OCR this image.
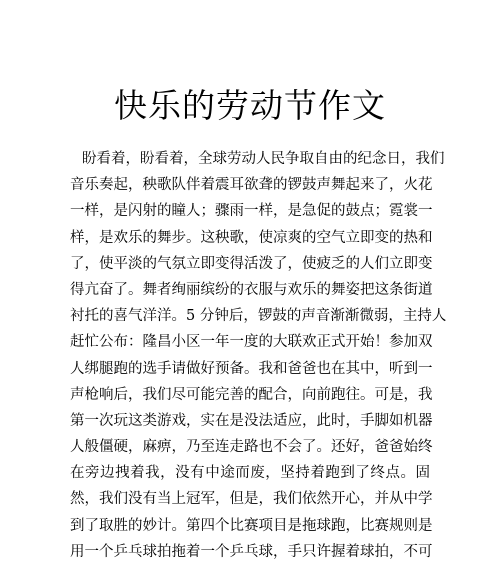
快乐的劳动节作文
盼看着，盼看着，全球劳动人民争取自由的纪念日，我们
音乐奏起，秧歌队伴着震耳欲聋的锣鼓声舞起来了，火花
一样，是闪射的瞳人；骤雨一样，是急促的鼓点；霓裳一
样，是欢乐的舞步。这秧歌，使凉爽的空气立即变的热和
了，使平淡的气氛立即变得活泼了，使疲乏的人们立即变
得亢奋了。舞者绚丽缤纷的衣服与欢乐的舞姿把这条街道
衬托的喜气洋洋。5 分钟后，锣鼓的声音渐渐微弱，主持人
赶忙公布：隆昌小区一年一度的大联欢正式开始！参加双
人绑腿跑的选手请做好预备。我和爸爸也在其中，听到一
声枪响后，我们尽可能完善的配合，向前跑往。可是，我
第一次玩这类游戏，实在是没法适应，此时，手脚如机器
人般僵硬，麻痹，乃至连走路也不会了。还好，爸爸始终
在旁边拽着我，没有中途而废，坚持着跑到了终点。固
然，我们没有当上冠军，但是，我们依然开心，并从中学
到了取胜的妙计。第四个比赛项目是拖球跑，比赛规则是
用一个乒乓球拍拖着一个乒乓球，手只许握着球拍，不可
